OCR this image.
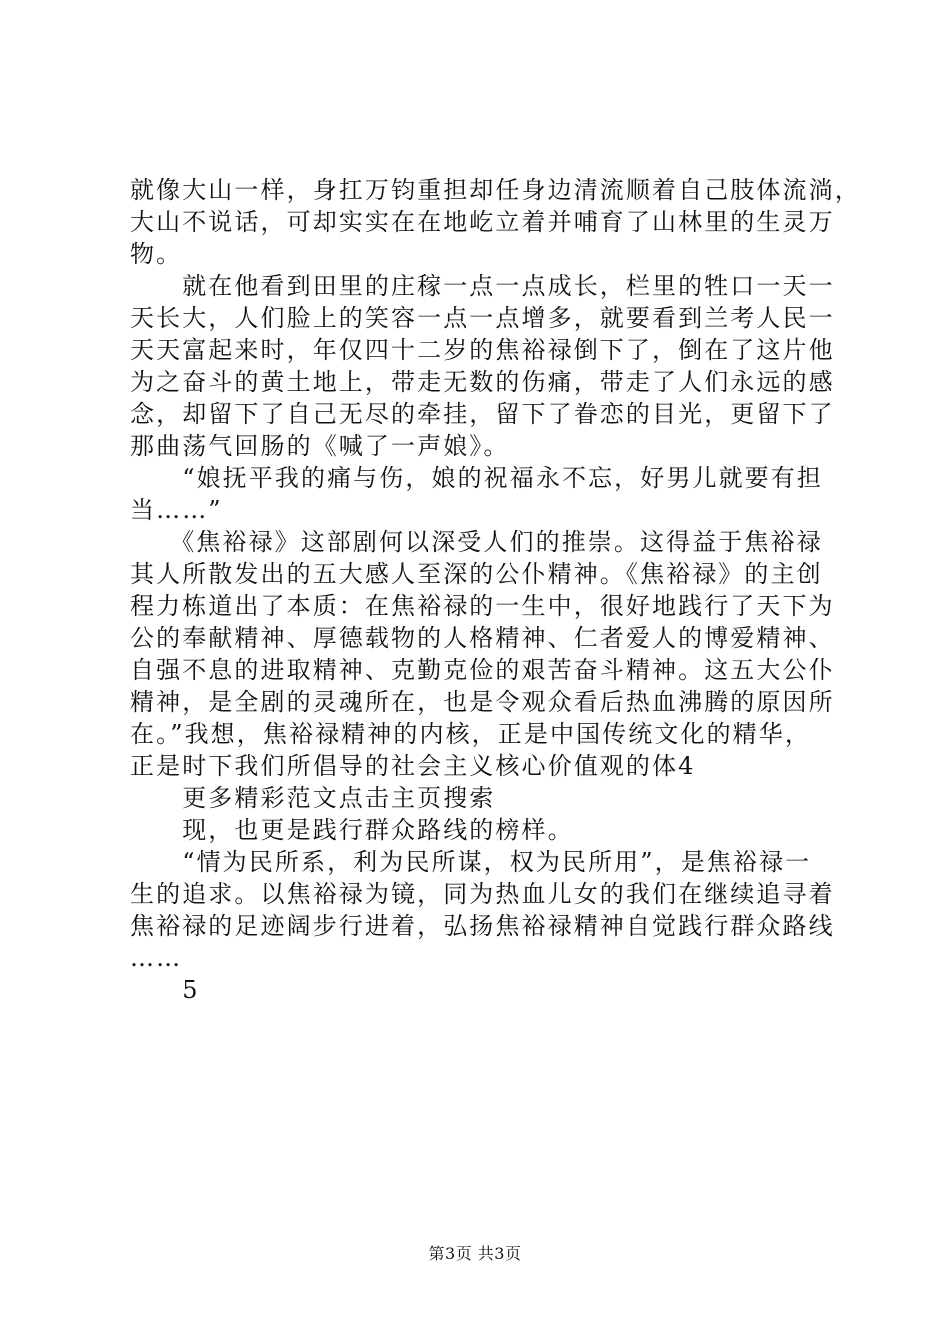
就像大山一样，身扛万钧重担却任身边清流顺着自己肢体流淌，
大山不说话，可却实实在在地屹立着并哺育了山林里的生灵万
物。
　　就在他看到田里的庄稼一点一点成长，栏里的牲口一天一
天长大，人们脸上的笑容一点一点增多，就要看到兰考人民一
天天富起来时，年仅四十二岁的焦裕禄倒下了，倒在了这片他
为之奋斗的黄土地上，带走无数的伤痛，带走了人们永远的感
念，却留下了自己无尽的牵挂，留下了眷恋的目光，更留下了
那曲荡气回肠的《喊了一声娘》。
　　“娘抚平我的痛与伤，娘的祝福永不忘，好男儿就要有担
当……”
　　《焦裕禄》这部剧何以深受人们的推崇。这得益于焦裕禄
其人所散发出的五大感人至深的公仆精神。《焦裕禄》的主创
程力栋道出了本质：在焦裕禄的一生中，很好地践行了天下为
公的奉献精神、厚德载物的人格精神、仁者爱人的博爱精神、
自强不息的进取精神、克勤克俭的艰苦奋斗精神。这五大公仆
精神，是全剧的灵魂所在，也是令观众看后热血沸腾的原因所
在。”我想，焦裕禄精神的内核，正是中国传统文化的精华，
正是时下我们所倡导的社会主义核心价值观的体4
　　更多精彩范文点击主页搜索
　　现，也更是践行群众路线的榜样。
　　“情为民所系，利为民所谋，权为民所用”，是焦裕禄一
生的追求。以焦裕禄为镜，同为热血儿女的我们在继续追寻着
焦裕禄的足迹阔步行进着，弘扬焦裕禄精神自觉践行群众路线
……
　　5
第3页 共3页
